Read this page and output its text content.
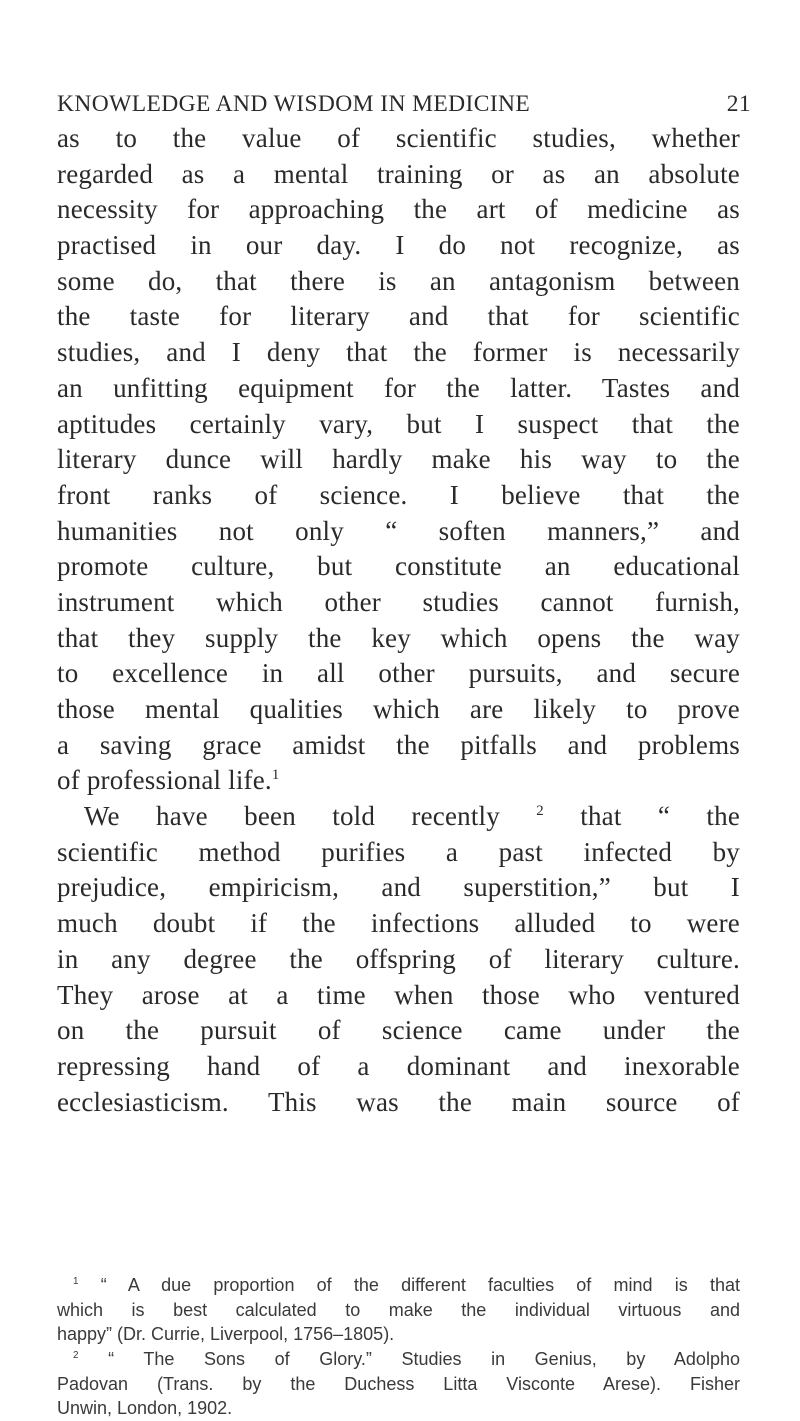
KNOWLEDGE AND WISDOM IN MEDICINE	21
as to the value of scientific studies, whether
regarded as a mental training or as an absolute
necessity for approaching the art of medicine as
practised in our day. I do not recognize, as
some do, that there is an antagonism between
the taste for literary and that for scientific
studies, and I deny that the former is necessarily
an unfitting equipment for the latter. Tastes and
aptitudes certainly vary, but I suspect that the
literary dunce will hardly make his way to the
front ranks of science. I believe that the
humanities not only “ soften manners,” and
promote culture, but constitute an educational
instrument which other studies cannot furnish,
that they supply the key which opens the way
to excellence in all other pursuits, and secure
those mental qualities which are likely to prove
a saving grace amidst the pitfalls and problems
of professional life.$^1$
We have been told recently $^2$ that “ the
scientific method purifies a past infected by
prejudice, empiricism, and superstition,” but I
much doubt if the infections alluded to were
in any degree the offspring of literary culture.
They arose at a time when those who ventured
on the pursuit of science came under the
repressing hand of a dominant and inexorable
ecclesiasticism. This was the main source of
$^1$ “ A due proportion of the different faculties of mind is that
which is best calculated to make the individual virtuous and
happy” (Dr. Currie, Liverpool, 1756–1805).
$^2$ “ The Sons of Glory.” Studies in Genius, by Adolpho
Padovan (Trans. by the Duchess Litta Visconte Arese). Fisher
Unwin, London, 1902.
